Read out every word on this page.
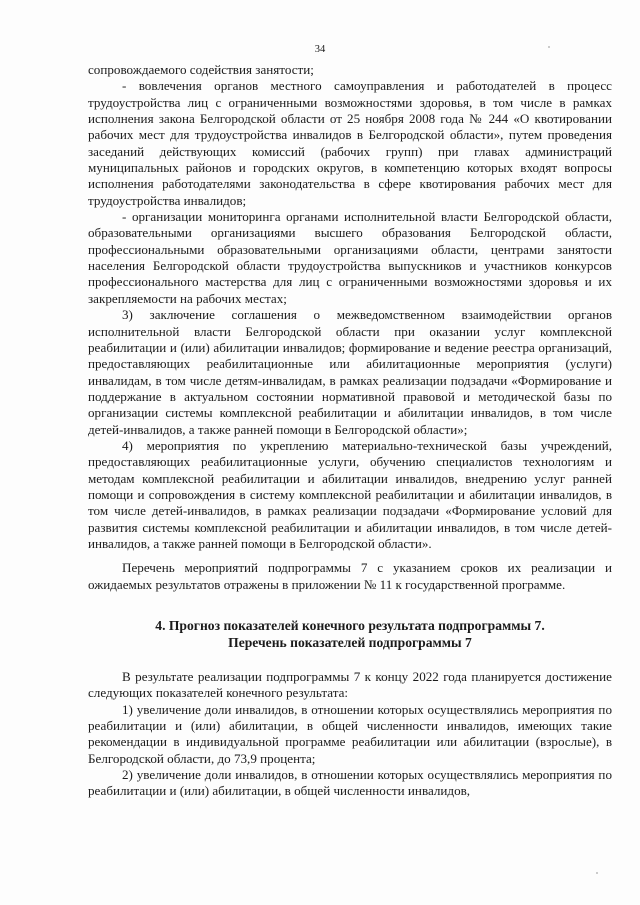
34

сопровождаемого содействия занятости;

- вовлечения органов местного самоуправления и работодателей в процесс трудоустройства лиц с ограниченными возможностями здоровья, в том числе в рамках исполнения закона Белгородской области от 25 ноября 2008 года № 244 «О квотировании рабочих мест для трудоустройства инвалидов в Белгородской области», путем проведения заседаний действующих комиссий (рабочих групп) при главах администраций муниципальных районов и городских округов, в компетенцию которых входят вопросы исполнения работодателями законодательства в сфере квотирования рабочих мест для трудоустройства инвалидов;

- организации мониторинга органами исполнительной власти Белгородской области, образовательными организациями высшего образования Белгородской области, профессиональными образовательными организациями области, центрами занятости населения Белгородской области трудоустройства выпускников и участников конкурсов профессионального мастерства для лиц с ограниченными возможностями здоровья и их закрепляемости на рабочих местах;

3) заключение соглашения о межведомственном взаимодействии органов исполнительной власти Белгородской области при оказании услуг комплексной реабилитации и (или) абилитации инвалидов; формирование и ведение реестра организаций, предоставляющих реабилитационные или абилитационные мероприятия (услуги) инвалидам, в том числе детям-инвалидам, в рамках реализации подзадачи «Формирование и поддержание в актуальном состоянии нормативной правовой и методической базы по организации системы комплексной реабилитации и абилитации инвалидов, в том числе детей-инвалидов, а также ранней помощи в Белгородской области»;

4) мероприятия по укреплению материально-технической базы учреждений, предоставляющих реабилитационные услуги, обучению специалистов технологиям и методам комплексной реабилитации и абилитации инвалидов, внедрению услуг ранней помощи и сопровождения в систему комплексной реабилитации и абилитации инвалидов, в том числе детей-инвалидов, в рамках реализации подзадачи «Формирование условий для развития системы комплексной реабилитации и абилитации инвалидов, в том числе детей-инвалидов, а также ранней помощи в Белгородской области».

Перечень мероприятий подпрограммы 7 с указанием сроков их реализации и ожидаемых результатов отражены в приложении № 11 к государственной программе.

4. Прогноз показателей конечного результата подпрограммы 7.
Перечень показателей подпрограммы 7

В результате реализации подпрограммы 7 к концу 2022 года планируется достижение следующих показателей конечного результата:

1) увеличение доли инвалидов, в отношении которых осуществлялись мероприятия по реабилитации и (или) абилитации, в общей численности инвалидов, имеющих такие рекомендации в индивидуальной программе реабилитации или абилитации (взрослые), в Белгородской области, до 73,9 процента;

2) увеличение доли инвалидов, в отношении которых осуществлялись мероприятия по реабилитации и (или) абилитации, в общей численности инвалидов,
